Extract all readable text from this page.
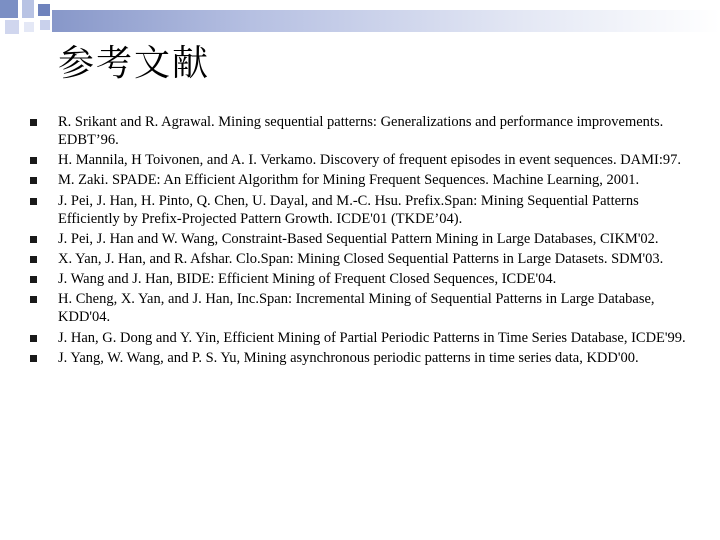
参考文献
R. Srikant and R. Agrawal. Mining sequential patterns: Generalizations and performance improvements. EDBT’96.
H. Mannila, H Toivonen, and A. I. Verkamo. Discovery of frequent episodes in event sequences. DAMI:97.
M. Zaki. SPADE: An Efficient Algorithm for Mining Frequent Sequences. Machine Learning, 2001.
J. Pei, J. Han, H. Pinto, Q. Chen, U. Dayal, and M.-C. Hsu. Prefix.Span: Mining Sequential Patterns Efficiently by Prefix-Projected Pattern Growth. ICDE'01 (TKDE’04).
J. Pei, J. Han and W. Wang, Constraint-Based Sequential Pattern Mining in Large Databases, CIKM'02.
X. Yan, J. Han, and R. Afshar. Clo.Span: Mining Closed Sequential Patterns in Large Datasets. SDM'03.
J. Wang and J. Han, BIDE: Efficient Mining of Frequent Closed Sequences, ICDE'04.
H. Cheng, X. Yan, and J. Han, Inc.Span: Incremental Mining of Sequential Patterns in Large Database, KDD'04.
J. Han, G. Dong and Y. Yin, Efficient Mining of Partial Periodic Patterns in Time Series Database, ICDE'99.
J. Yang, W. Wang, and P. S. Yu, Mining asynchronous periodic patterns in time series data, KDD'00.
